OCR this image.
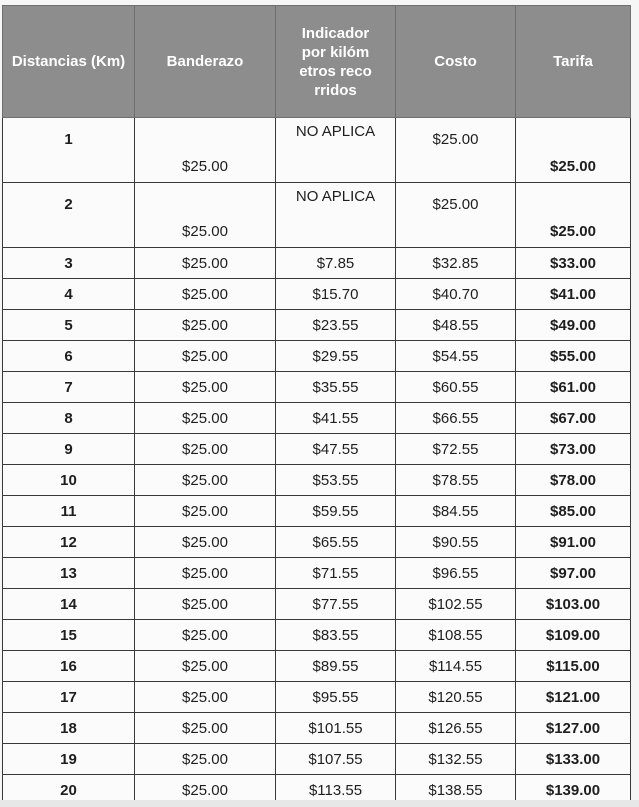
Distancias (Km)	Banderazo	Indicador por kilómetros recorridos	Costo	Tarifa
1	$25.00	NO APLICA	$25.00	$25.00
2	$25.00	NO APLICA	$25.00	$25.00
3	$25.00	$7.85	$32.85	$33.00
4	$25.00	$15.70	$40.70	$41.00
5	$25.00	$23.55	$48.55	$49.00
6	$25.00	$29.55	$54.55	$55.00
7	$25.00	$35.55	$60.55	$61.00
8	$25.00	$41.55	$66.55	$67.00
9	$25.00	$47.55	$72.55	$73.00
10	$25.00	$53.55	$78.55	$78.00
11	$25.00	$59.55	$84.55	$85.00
12	$25.00	$65.55	$90.55	$91.00
13	$25.00	$71.55	$96.55	$97.00
14	$25.00	$77.55	$102.55	$103.00
15	$25.00	$83.55	$108.55	$109.00
16	$25.00	$89.55	$114.55	$115.00
17	$25.00	$95.55	$120.55	$121.00
18	$25.00	$101.55	$126.55	$127.00
19	$25.00	$107.55	$132.55	$133.00
20	$25.00	$113.55	$138.55	$139.00
